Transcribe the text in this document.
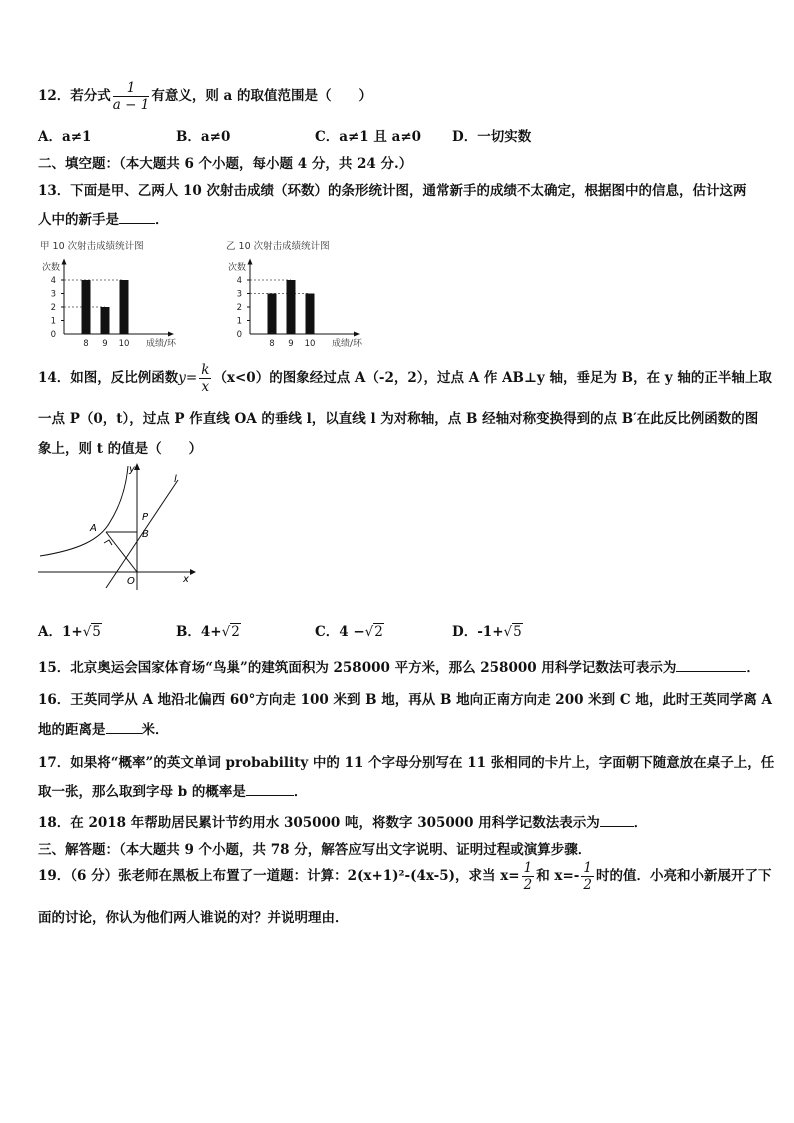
12．若分式 $\frac{1}{a - 1}$ 有意义，则 a 的取值范围是（　　）
A．a≠1	B．a≠0	C．a≠1 且 a≠0 D．一切实数
二、填空题：（本大题共 6 个小题，每小题 4 分，共 24 分.）
13．下面是甲、乙两人 10 次射击成绩（环数）的条形统计图，通常新手的成绩不太确定，根据图中的信息，估计这两
人中的新手是	．
甲 10 次射击成绩统计图
次数
0
1
2
3
4
8 9 10 成绩/环
乙 10 次射击成绩统计图
次数
0
1
2
3
4
8 9 10 成绩/环
14．如图，反比例函数$y= \frac{k}{x} (x<0)$的图象经过点 A（-2，2），过点 A 作 AB⊥y 轴，垂足为 B，在 y 轴的正半轴上取
一点 P（0，t），过点 P 作直线 OA 的垂线 l，以直线 l 为对称轴，点 B 经轴对称变换得到的点 B′在此反比例函数的图
象上，则 t 的值是（　　）
y
x
l
A
P
B
O
A．1+√5	B．4+√2	C．4 −√2	D．-1+√5
15．北京奥运会国家体育场“鸟巢”的建筑面积为 258000 平方米，那么 258000 用科学记数法可表示为	．
16．王英同学从 A 地沿北偏西 60°方向走 100 米到 B 地，再从 B 地向正南方向走 200 米到 C 地，此时王英同学离 A
地的距离是	米．
17．如果将“概率”的英文单词 probability 中的 11 个字母分别写在 11 张相同的卡片上，字面朝下随意放在桌子上，任
取一张，那么取到字母 b 的概率是	．
18．在 2018 年帮助居民累计节约用水 305000 吨，将数字 305000 用科学记数法表示为	．
三、解答题：（本大题共 9 个小题，共 78 分，解答应写出文字说明、证明过程或演算步骤．
19．（6 分）张老师在黑板上布置了一道题：计算：2(x+1)²-(4x-5)，求当 $x= \frac{1}{2}$ 和 $x=- \frac{1}{2}$ 时的值．小亮和小新展开了下
面的讨论，你认为他们两人谁说的对？并说明理由．
